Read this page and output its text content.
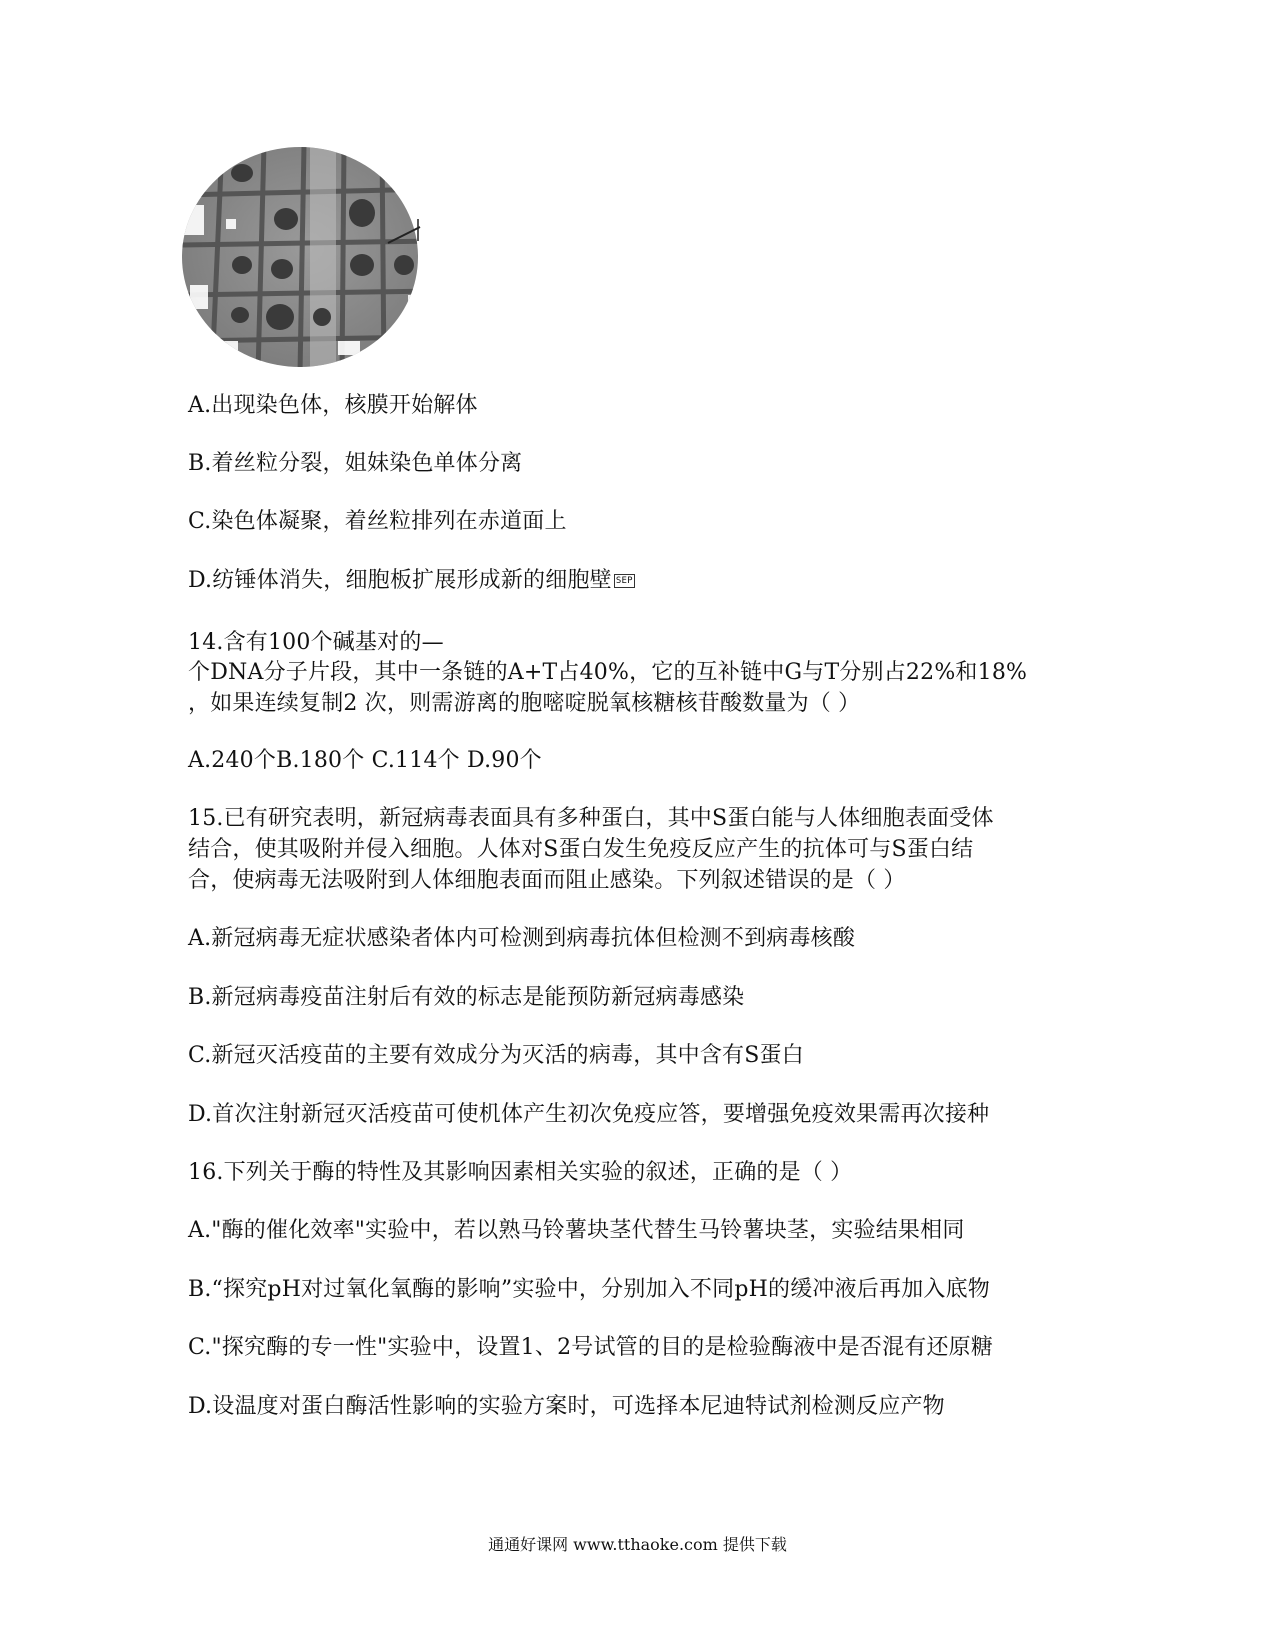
A.出现染色体，核膜开始解体
B.着丝粒分裂，姐妹染色单体分离
C.染色体凝聚，着丝粒排列在赤道面上
D.纺锤体消失，细胞板扩展形成新的细胞壁 SEP
14.含有100个碱基对的—
个DNA分子片段，其中一条链的A+T占40%，它的互补链中G与T分别占22%和18%
，如果连续复制2 次，则需游离的胞嘧啶脱氧核糖核苷酸数量为（ ）
A.240个B.180个 C.114个 D.90个
15.已有研究表明，新冠病毒表面具有多种蛋白，其中S蛋白能与人体细胞表面受体
结合，使其吸附并侵入细胞。人体对S蛋白发生免疫反应产生的抗体可与S蛋白结
合，使病毒无法吸附到人体细胞表面而阻止感染。下列叙述错误的是（ ）
A.新冠病毒无症状感染者体内可检测到病毒抗体但检测不到病毒核酸
B.新冠病毒疫苗注射后有效的标志是能预防新冠病毒感染
C.新冠灭活疫苗的主要有效成分为灭活的病毒，其中含有S蛋白
D.首次注射新冠灭活疫苗可使机体产生初次免疫应答，要增强免疫效果需再次接种
16.下列关于酶的特性及其影响因素相关实验的叙述，正确的是（ ）
A."酶的催化效率"实验中，若以熟马铃薯块茎代替生马铃薯块茎，实验结果相同
B.“探究pH对过氧化氧酶的影响”实验中，分别加入不同pH的缓冲液后再加入底物
C."探究酶的专一性"实验中，设置1、2号试管的目的是检验酶液中是否混有还原糖
D.设温度对蛋白酶活性影响的实验方案时，可选择本尼迪特试剂检测反应产物
通通好课网 www.tthaoke.com 提供下载
